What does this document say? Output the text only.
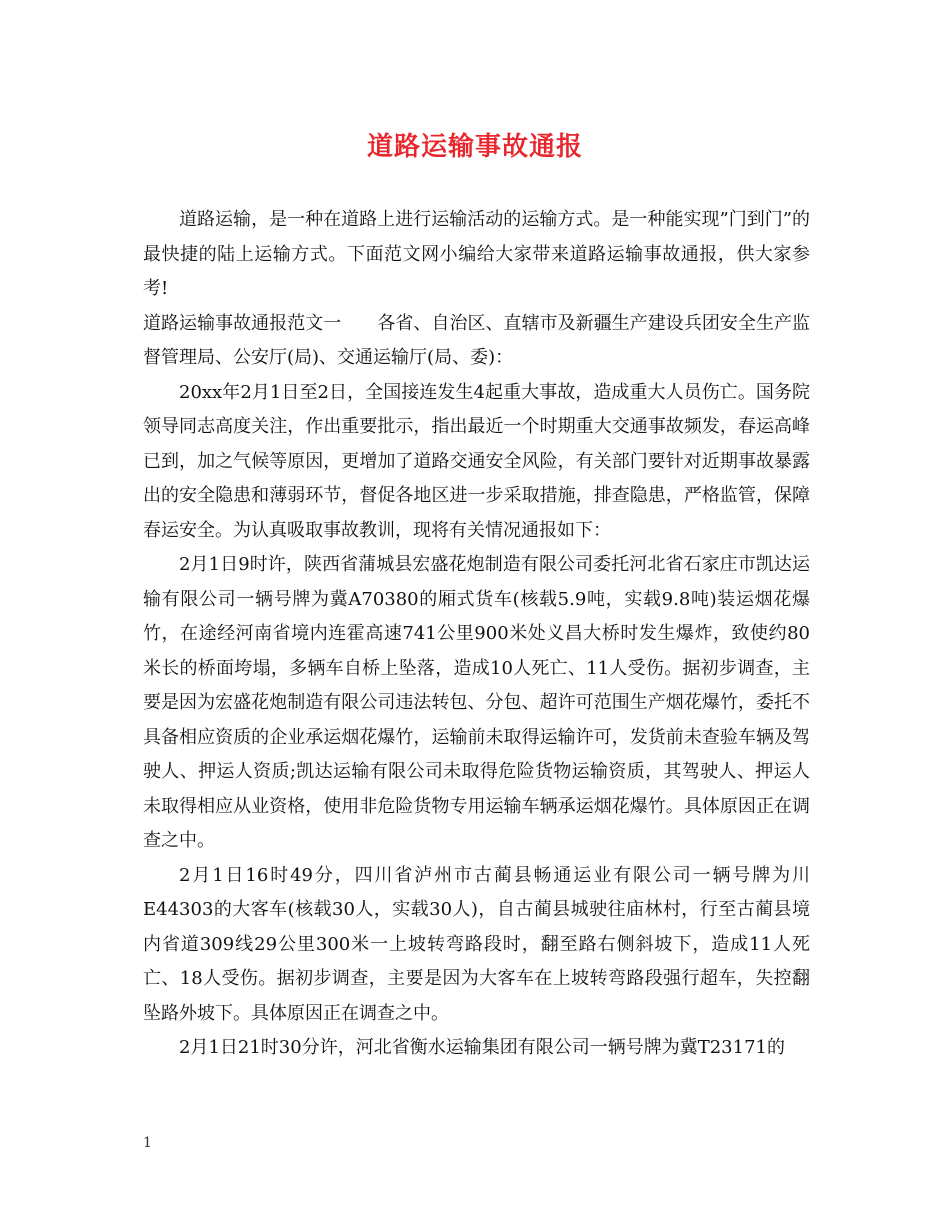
道路运输事故通报

道路运输，是一种在道路上进行运输活动的运输方式。是一种能实现”门到门”的最快捷的陆上运输方式。下面范文网小编给大家带来道路运输事故通报，供大家参考!

道路运输事故通报范文一 各省、自治区、直辖市及新疆生产建设兵团安全生产监督管理局、公安厅(局)、交通运输厅(局、委)：

20xx年2月1日至2日，全国接连发生4起重大事故，造成重大人员伤亡。国务院领导同志高度关注，作出重要批示，指出最近一个时期重大交通事故频发，春运高峰已到，加之气候等原因，更增加了道路交通安全风险，有关部门要针对近期事故暴露出的安全隐患和薄弱环节，督促各地区进一步采取措施，排查隐患，严格监管，保障春运安全。为认真吸取事故教训，现将有关情况通报如下：

2月1日9时许，陕西省蒲城县宏盛花炮制造有限公司委托河北省石家庄市凯达运输有限公司一辆号牌为冀A70380的厢式货车(核载5.9吨，实载9.8吨)装运烟花爆竹，在途经河南省境内连霍高速741公里900米处义昌大桥时发生爆炸，致使约80米长的桥面垮塌，多辆车自桥上坠落，造成10人死亡、11人受伤。据初步调查，主要是因为宏盛花炮制造有限公司违法转包、分包、超许可范围生产烟花爆竹，委托不具备相应资质的企业承运烟花爆竹，运输前未取得运输许可，发货前未查验车辆及驾驶人、押运人资质;凯达运输有限公司未取得危险货物运输资质，其驾驶人、押运人未取得相应从业资格，使用非危险货物专用运输车辆承运烟花爆竹。具体原因正在调查之中。

2月1日16时49分，四川省泸州市古蔺县畅通运业有限公司一辆号牌为川E44303的大客车(核载30人，实载30人)，自古蔺县城驶往庙林村，行至古蔺县境内省道309线29公里300米一上坡转弯路段时，翻至路右侧斜坡下，造成11人死亡、18人受伤。据初步调查，主要是因为大客车在上坡转弯路段强行超车，失控翻坠路外坡下。具体原因正在调查之中。

2月1日21时30分许，河北省衡水运输集团有限公司一辆号牌为冀T23171的

1
